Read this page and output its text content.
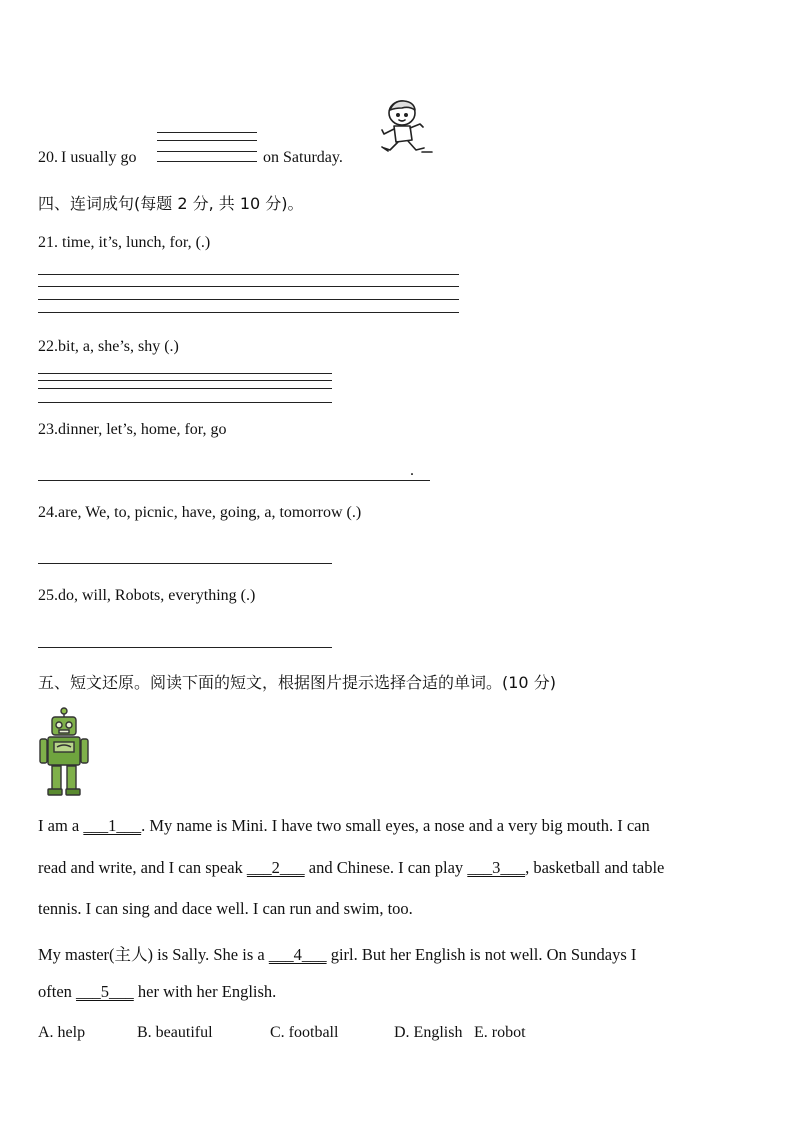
20. I usually go	on Saturday.
四、连词成句(每题 2 分, 共 10 分)。
21. time, it’s, lunch, for, (.)
22.bit, a, she’s, shy (.)
23.dinner, let’s, home, for, go
.
24.are, We, to, picnic, have, going, a, tomorrow (.)
25.do, will, Robots, everything (.)
五、短文还原。阅读下面的短文，根据图片提示选择合适的单词。(10 分)
I am a ___1___. My name is Mini. I have two small eyes, a nose and a very big mouth. I can
read and write, and I can speak ___2___ and Chinese. I can play ___3___, basketball and table
tennis. I can sing and dace well. I can run and swim, too.
My master(主人) is Sally. She is a ___4___ girl. But her English is not well. On Sundays I
often ___5___ her with her English.
A. help	B. beautiful	C. football	D. English E. robot
